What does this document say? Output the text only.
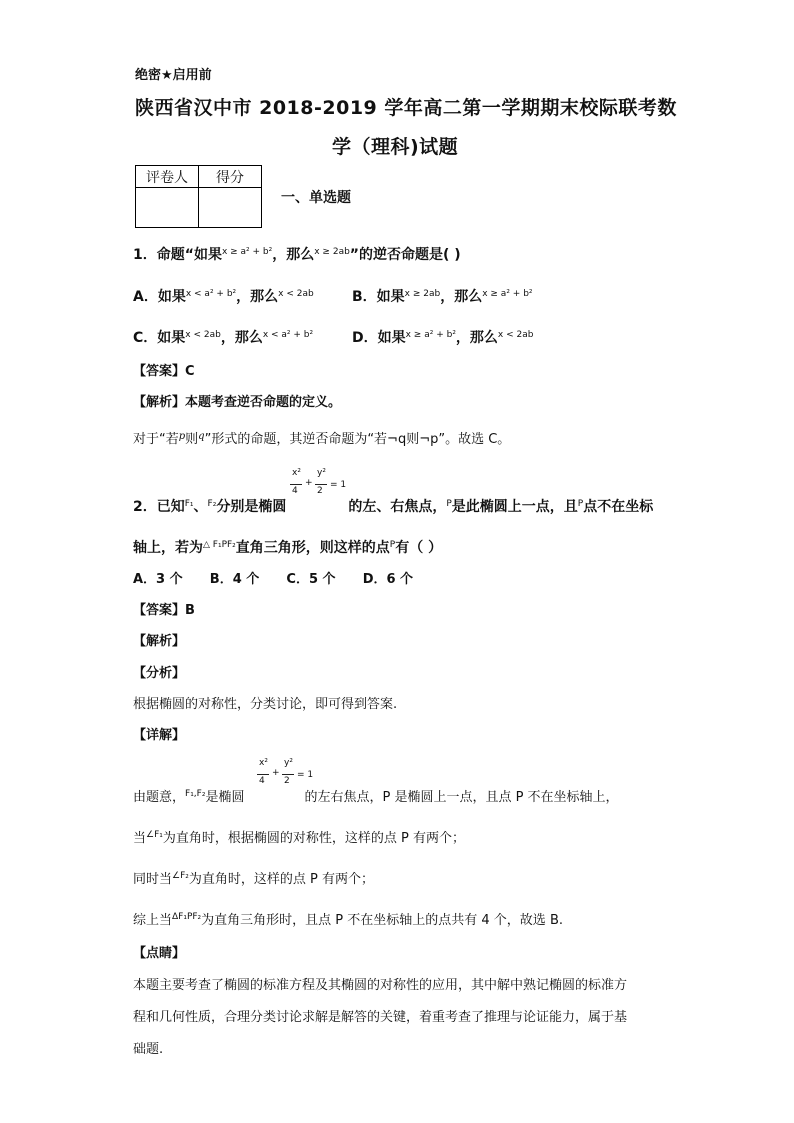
绝密★启用前
陕西省汉中市 2018-2019 学年高二第一学期期末校际联考数
学（理科)试题
评卷人	得分

一、单选题
1．命题“如果$^{x \ge a^2 + b^2}$，那么$^{x \ge 2ab}$”的逆否命题是( )
A．如果$^{x < a^2 + b^2}$，那么$^{x < 2ab}$	B．如果$^{x \ge 2ab}$，那么$^{x \ge a^2 + b^2}$
C．如果$^{x < 2ab}$，那么$^{x < a^2 + b^2}$	D．如果$^{x \ge a^2 + b^2}$，那么$^{x < 2ab}$
【答案】C
【解析】本题考查逆否命题的定义。
对于“若$^p$则$^q$”形式的命题，其逆否命题为“若¬q则¬p”。故选 C。
2．已知$^{F_1}$、$^{F_2}$分别是椭圆	的左、右焦点，$^P$是此椭圆上一点，且$^P$点不在坐标
x²
4
+
y²
2
= 1
轴上，若为$^{\triangle F_1PF_2}$直角三角形，则这样的点$^P$有（ ）
A．3 个      B．4 个      C．5 个      D．6 个
【答案】B
【解析】
【分析】
根据椭圆的对称性，分类讨论，即可得到答案.
【详解】
x²
4
+
y²
2
= 1
由题意，$^{F_1,F_2}$是椭圆	的左右焦点，P 是椭圆上一点，且点 P 不在坐标轴上，
当$^{\angle F_1}$为直角时，根据椭圆的对称性，这样的点 P 有两个；
同时当$^{\angle F_2}$为直角时，这样的点 P 有两个；
综上当$^{\Delta F_1PF_2}$为直角三角形时，且点 P 不在坐标轴上的点共有 4 个，故选 B.
【点睛】
本题主要考查了椭圆的标准方程及其椭圆的对称性的应用，其中解中熟记椭圆的标准方
程和几何性质，合理分类讨论求解是解答的关键，着重考查了推理与论证能力，属于基
础题.
